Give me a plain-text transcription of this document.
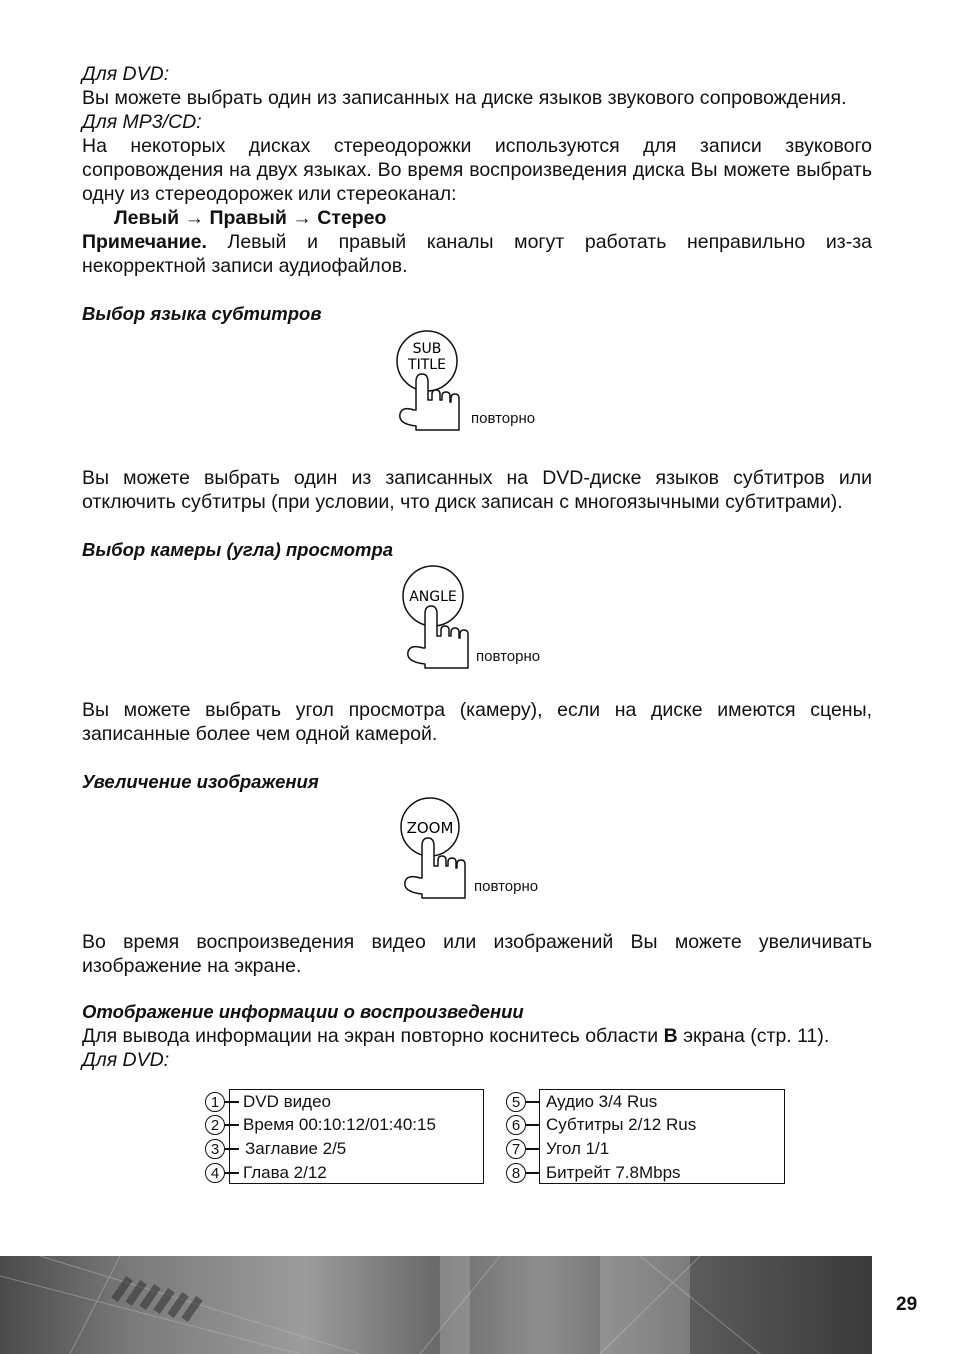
Для DVD:

Вы можете выбрать один из записанных на диске языков звукового сопровождения.

Для MP3/CD:

На некоторых дисках стереодорожки используются для записи звукового сопровождения на двух языках. Во время воспроизведения диска Вы можете выбрать одну из стереодорожек или стереоканал:

Левый → Правый → Стерео

Примечание. Левый и правый каналы могут работать неправильно из-за некорректной записи аудиофайлов.

Выбор языка субтитров

SUB
TITLE
повторно

Вы можете выбрать один из записанных на DVD-диске языков субтитров или отключить субтитры (при условии, что диск записан с многоязычными субтитрами).

Выбор камеры (угла) просмотра

ANGLE
повторно

Вы можете выбрать угол просмотра (камеру), если на диске имеются сцены, записанные более чем одной камерой.

Увеличение изображения

ZOOM
повторно

Во время воспроизведения видео или изображений Вы можете увеличивать изображение на экране.

Отображение информации о воспроизведении

Для вывода информации на экран повторно коснитесь области B экрана (стр. 11).

Для DVD:

1	DVD видео
2	Время 00:10:12/01:40:15
3	Заглавие 2/5
4	Глава 2/12
5	Аудио 3/4 Rus
6	Субтитры 2/12 Rus
7	Угол 1/1
8	Битрейт 7.8Mbps
29
